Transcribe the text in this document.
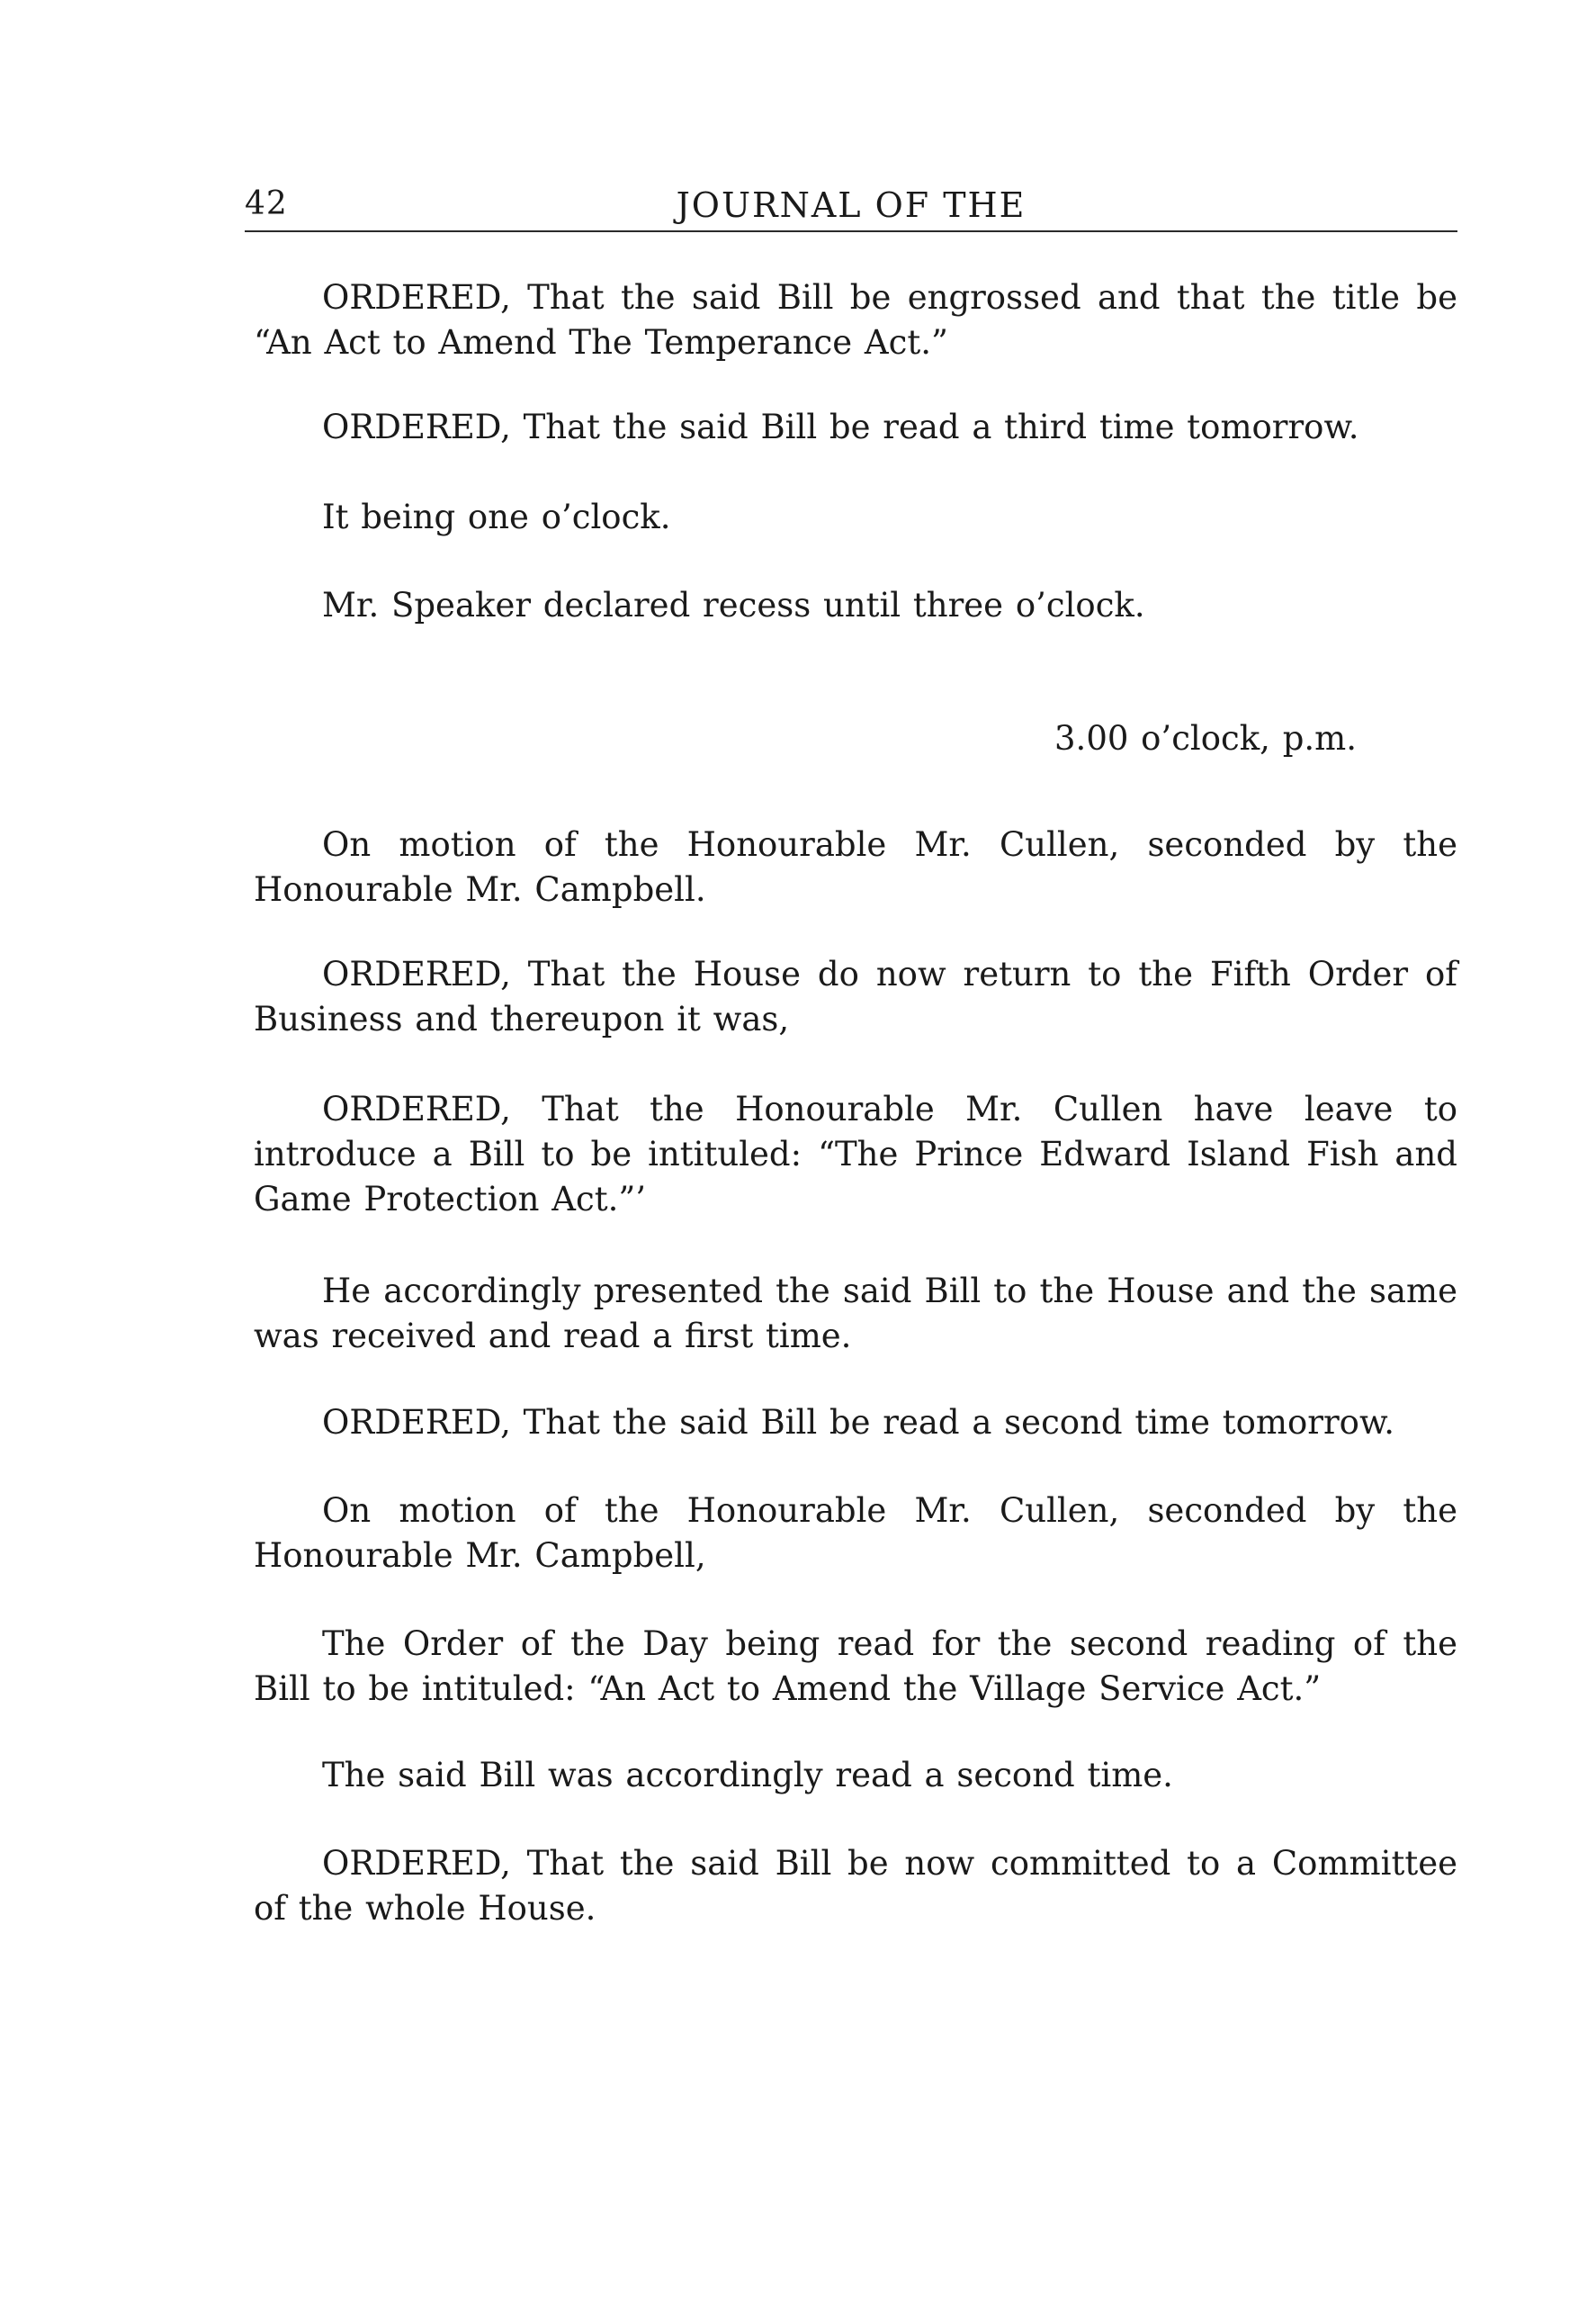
42	JOURNAL OF THE

ORDERED, That the said Bill be engrossed and that the title be “An Act to Amend The Temperance Act.”

ORDERED, That the said Bill be read a third time tomorrow.

It being one o’clock.

Mr. Speaker declared recess until three o’clock.

3.00 o’clock, p.m.

On motion of the Honourable Mr. Cullen, seconded by the Honourable Mr. Campbell.

ORDERED, That the House do now return to the Fifth Order of Business and thereupon it was,

ORDERED, That the Honourable Mr. Cullen have leave to introduce a Bill to be intituled: “The Prince Edward Island Fish and Game Protection Act.”’

He accordingly presented the said Bill to the House and the same was received and read a first time.

ORDERED, That the said Bill be read a second time tomorrow.

On motion of the Honourable Mr. Cullen, seconded by the Honourable Mr. Campbell,

The Order of the Day being read for the second reading of the Bill to be intituled: “An Act to Amend the Village Service Act.”

The said Bill was accordingly read a second time.

ORDERED, That the said Bill be now committed to a Committee of the whole House.
